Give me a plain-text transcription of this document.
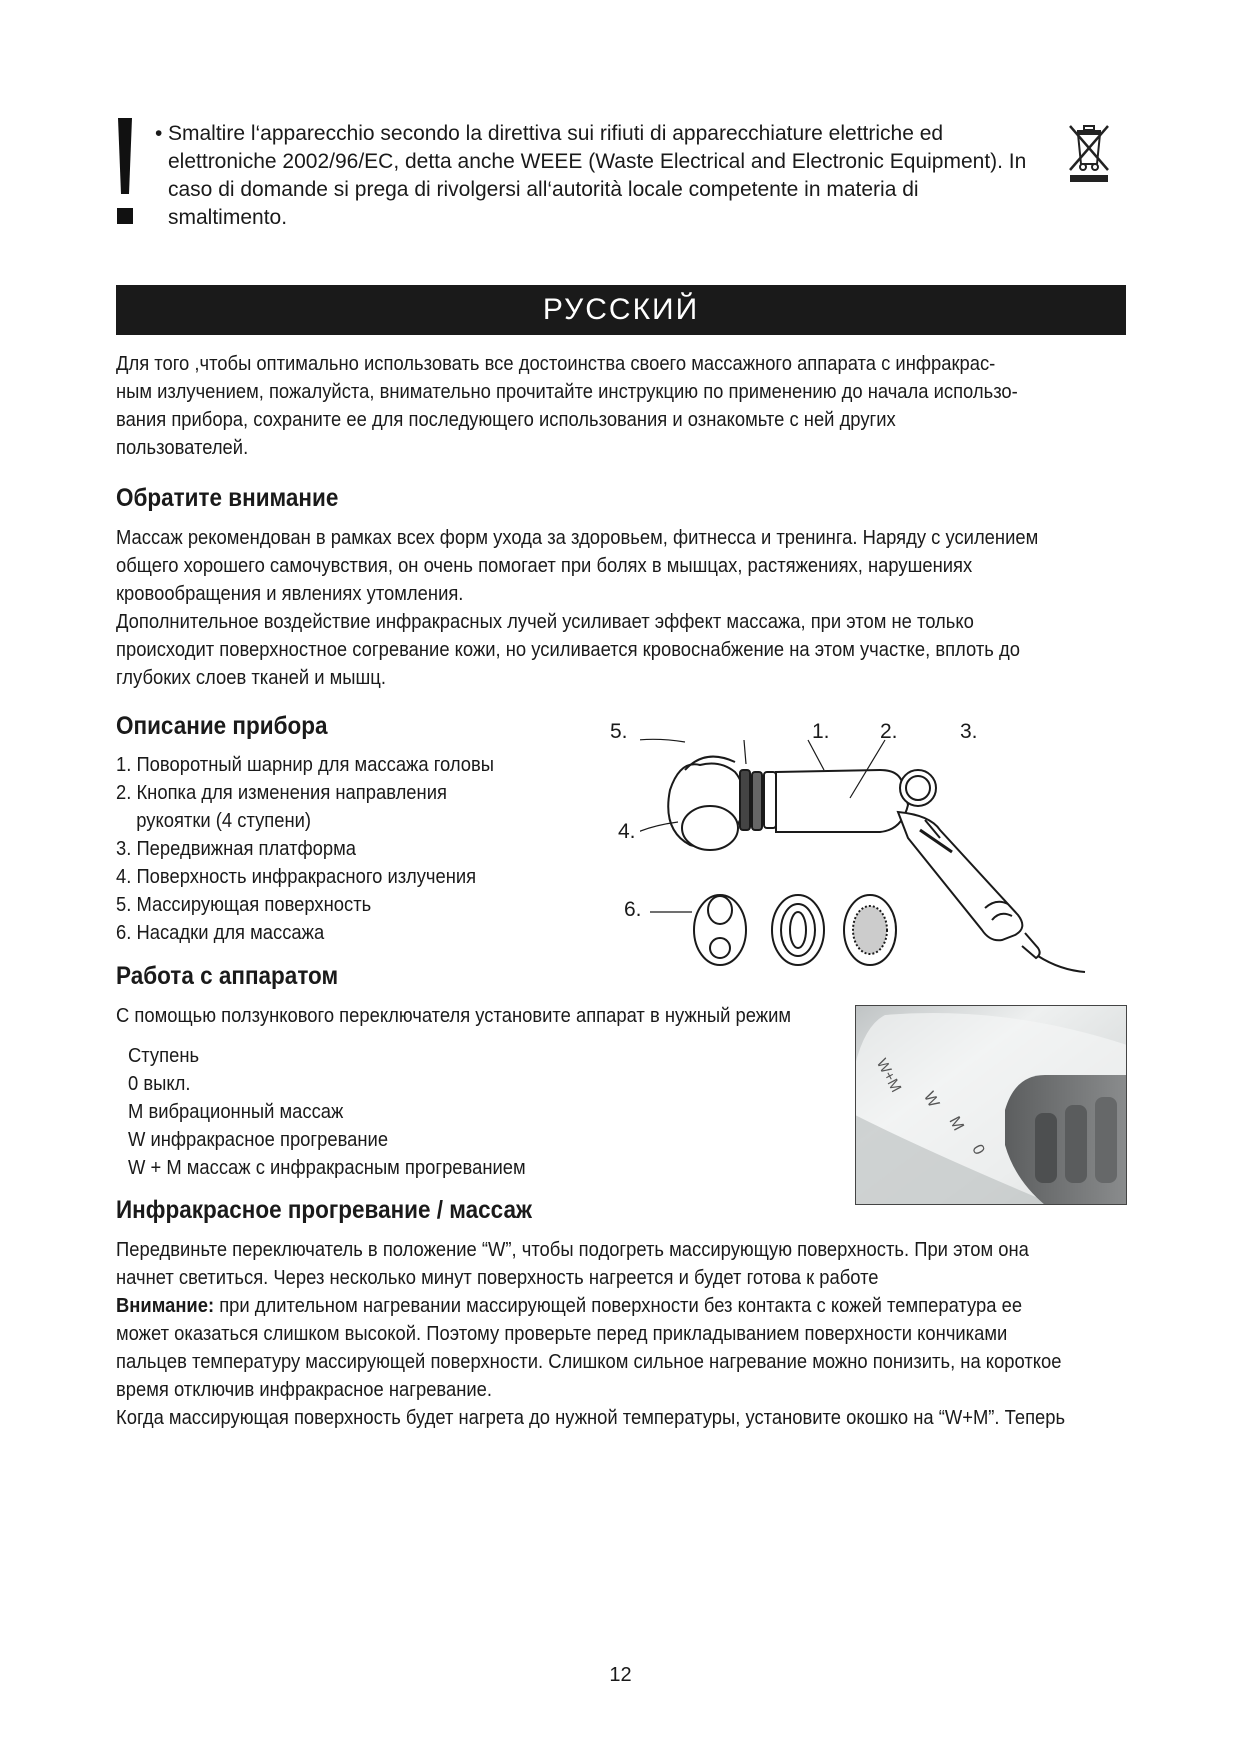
• Smaltire l‘apparecchio secondo la direttiva sui rifiuti di apparecchiature elettriche ed
elettroniche 2002/96/EC, detta anche WEEE (Waste Electrical and Electronic Equipment). In
caso di domande si prega di rivolgersi all‘autorità locale competente in materia di
smaltimento.
РУССКИЙ

Для того ,чтобы оптимально использовать все достоинства своего массажного аппарата с инфракрас-

ным излучением, пожалуйста, внимательно прочитайте инструкцию по применению до начала использо-

вания прибора, сохраните ее для последующего использования и ознакомьте с ней других

пользователей.

Обратите внимание

Массаж рекомендован в рамках всех форм ухода за здоровьем, фитнесса и тренинга. Наряду с усилением

общего хорошего самочувствия, он очень помогает при болях в мышцах, растяжениях, нарушениях

кровообращения и явлениях утомления.

Дополнительное воздействие инфракрасных лучей усиливает эффект массажа, при этом не только

происходит поверхностное согревание кожи, но усиливается кровоснабжение на этом участке, вплоть до

глубоких слоев тканей и мышц.

Описание прибора

1. Поворотный шарнир для массажа головы

2. Кнопка для изменения направления

рукоятки (4 ступени)

3. Передвижная платформа

4. Поверхность инфракрасного излучения

5. Массирующая поверхность

6. Насадки для массажа

5.	1. 2.	3.
4.
6.
Работа с аппаратом

С помощью ползункового переключателя установите аппарат в нужный режим

Ступень

0 выкл.

M вибрационный массаж

W инфракрасное прогревание

W + M массаж с инфракрасным прогреванием

W+M
W
M
0
Инфракрасное прогревание / массаж

Передвиньте переключатель в положение “W”, чтобы подогреть массирующую поверхность. При этом она

начнет светиться. Через несколько минут поверхность нагреется и будет готова к работе

Внимание: при длительном нагревании массирующей поверхности без контакта с кожей температура ее

может оказаться слишком высокой. Поэтому проверьте перед прикладыванием поверхности кончиками

пальцев температуру массирующей поверхности. Слишком сильное нагревание можно понизить, на короткое

время отключив инфракрасное нагревание.

Когда массирующая поверхность будет нагрета до нужной температуры, установите окошко на “W+M”. Теперь

12
